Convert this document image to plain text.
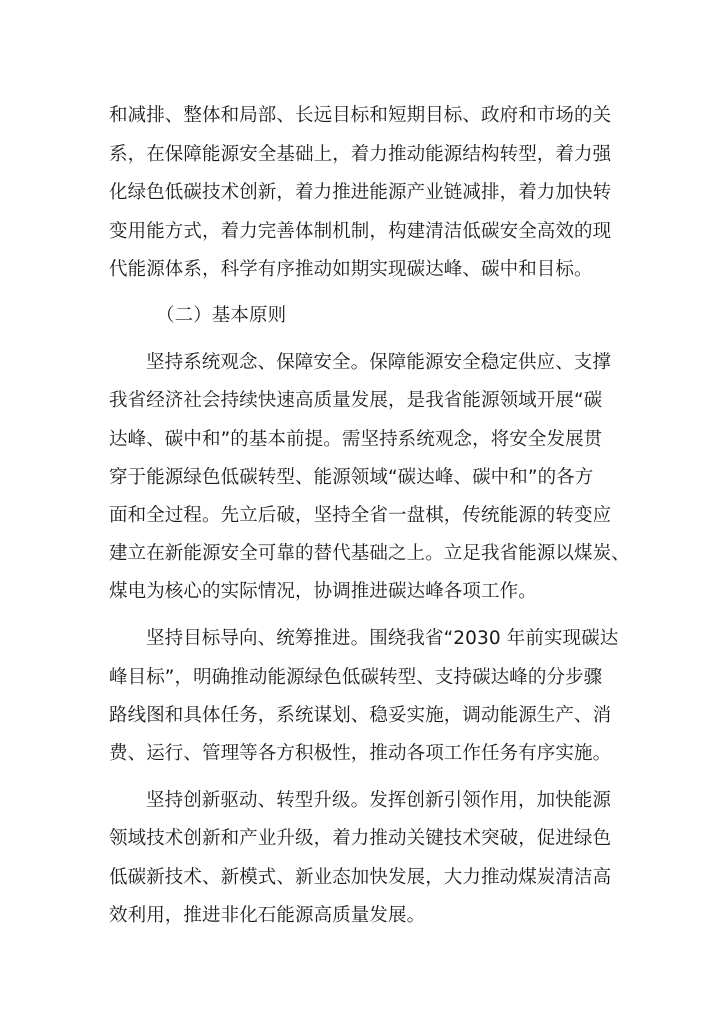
和减排、整体和局部、长远目标和短期目标、政府和市场的关
系，在保障能源安全基础上，着力推动能源结构转型，着力强
化绿色低碳技术创新，着力推进能源产业链减排，着力加快转
变用能方式，着力完善体制机制，构建清洁低碳安全高效的现
代能源体系，科学有序推动如期实现碳达峰、碳中和目标。
（二）基本原则
坚持系统观念、保障安全。保障能源安全稳定供应、支撑
我省经济社会持续快速高质量发展，是我省能源领域开展“碳
达峰、碳中和”的基本前提。需坚持系统观念，将安全发展贯
穿于能源绿色低碳转型、能源领域“碳达峰、碳中和”的各方
面和全过程。先立后破，坚持全省一盘棋，传统能源的转变应
建立在新能源安全可靠的替代基础之上。立足我省能源以煤炭、
煤电为核心的实际情况，协调推进碳达峰各项工作。
坚持目标导向、统筹推进。围绕我省“2030 年前实现碳达
峰目标”，明确推动能源绿色低碳转型、支持碳达峰的分步骤
路线图和具体任务，系统谋划、稳妥实施，调动能源生产、消
费、运行、管理等各方积极性，推动各项工作任务有序实施。
坚持创新驱动、转型升级。发挥创新引领作用，加快能源
领域技术创新和产业升级，着力推动关键技术突破，促进绿色
低碳新技术、新模式、新业态加快发展，大力推动煤炭清洁高
效利用，推进非化石能源高质量发展。
